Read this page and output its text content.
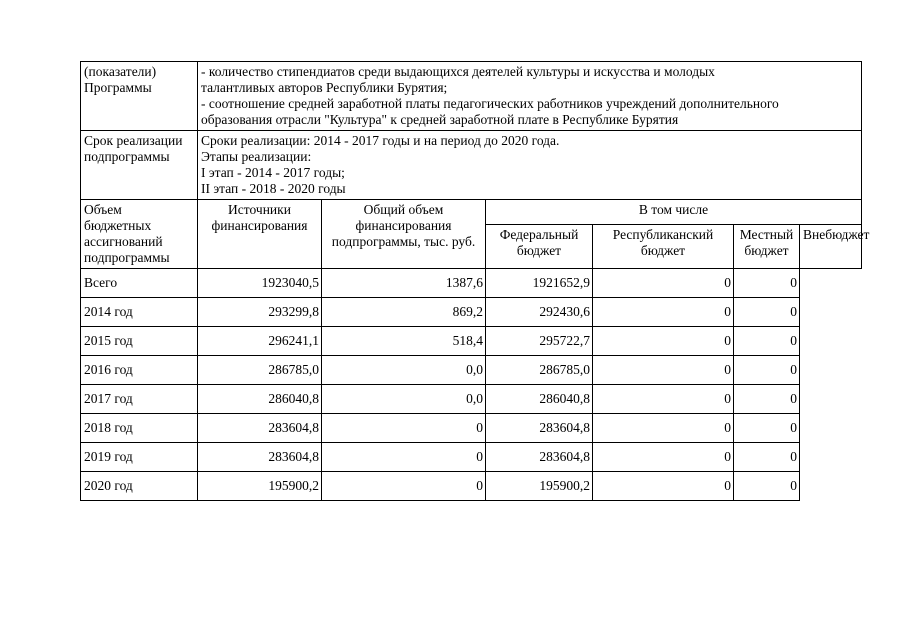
(показатели)
Программы	- количество стипендиатов среди выдающихся деятелей культуры и искусства и молодых
талантливых авторов Республики Бурятия;
- соотношение средней заработной платы педагогических работников учреждений дополнительного
образования отрасли "Культура" к средней заработной плате в Республике Бурятия					

Срок реализации
подпрограммы	Сроки реализации: 2014 - 2017 годы и на период до 2020 года.
Этапы реализации:
I этап - 2014 - 2017 годы;
II этап - 2018 - 2020 годы					

Объем
бюджетных
ассигнований
подпрограммы	Источники финансирования	Общий объем финансирования подпрограммы, тыс. руб.	В том числе			
			Федеральный бюджет	Республиканский бюджет	Местный бюджет	Внебюджет
Всего	1923040,5	1387,6	1921652,9	0	0	
2014 год	293299,8	869,2	292430,6	0	0	
2015 год	296241,1	518,4	295722,7	0	0	
2016 год	286785,0	0,0	286785,0	0	0	
2017 год	286040,8	0,0	286040,8	0	0	
2018 год	283604,8	0	283604,8	0	0	
2019 год	283604,8	0	283604,8	0	0	
2020 год	195900,2	0	195900,2	0	0	
